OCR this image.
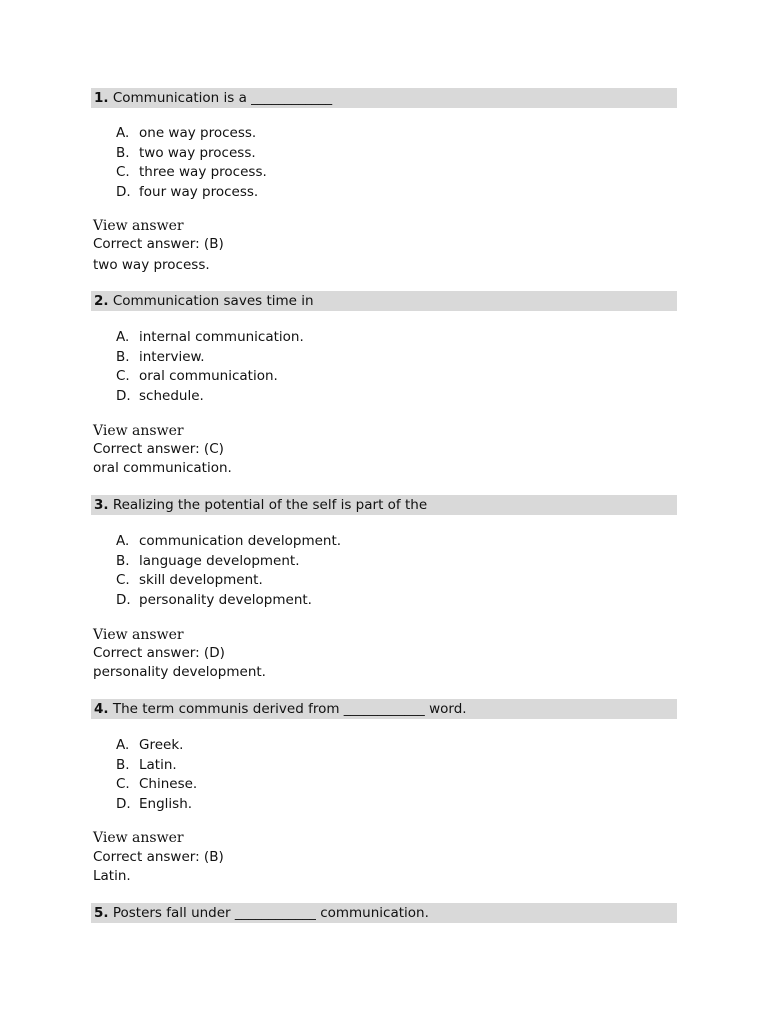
1. Communication is a ____________
A. one way process.
B. two way process.
C. three way process.
D. four way process.
View answer
Correct answer: (B)
two way process.
2. Communication saves time in
A. internal communication.
B. interview.
C. oral communication.
D. schedule.
View answer
Correct answer: (C)
oral communication.
3. Realizing the potential of the self is part of the
A. communication development.
B. language development.
C. skill development.
D. personality development.
View answer
Correct answer: (D)
personality development.
4. The term communis derived from ____________ word.
A. Greek.
B. Latin.
C. Chinese.
D. English.
View answer
Correct answer: (B)
Latin.
5. Posters fall under ____________ communication.
